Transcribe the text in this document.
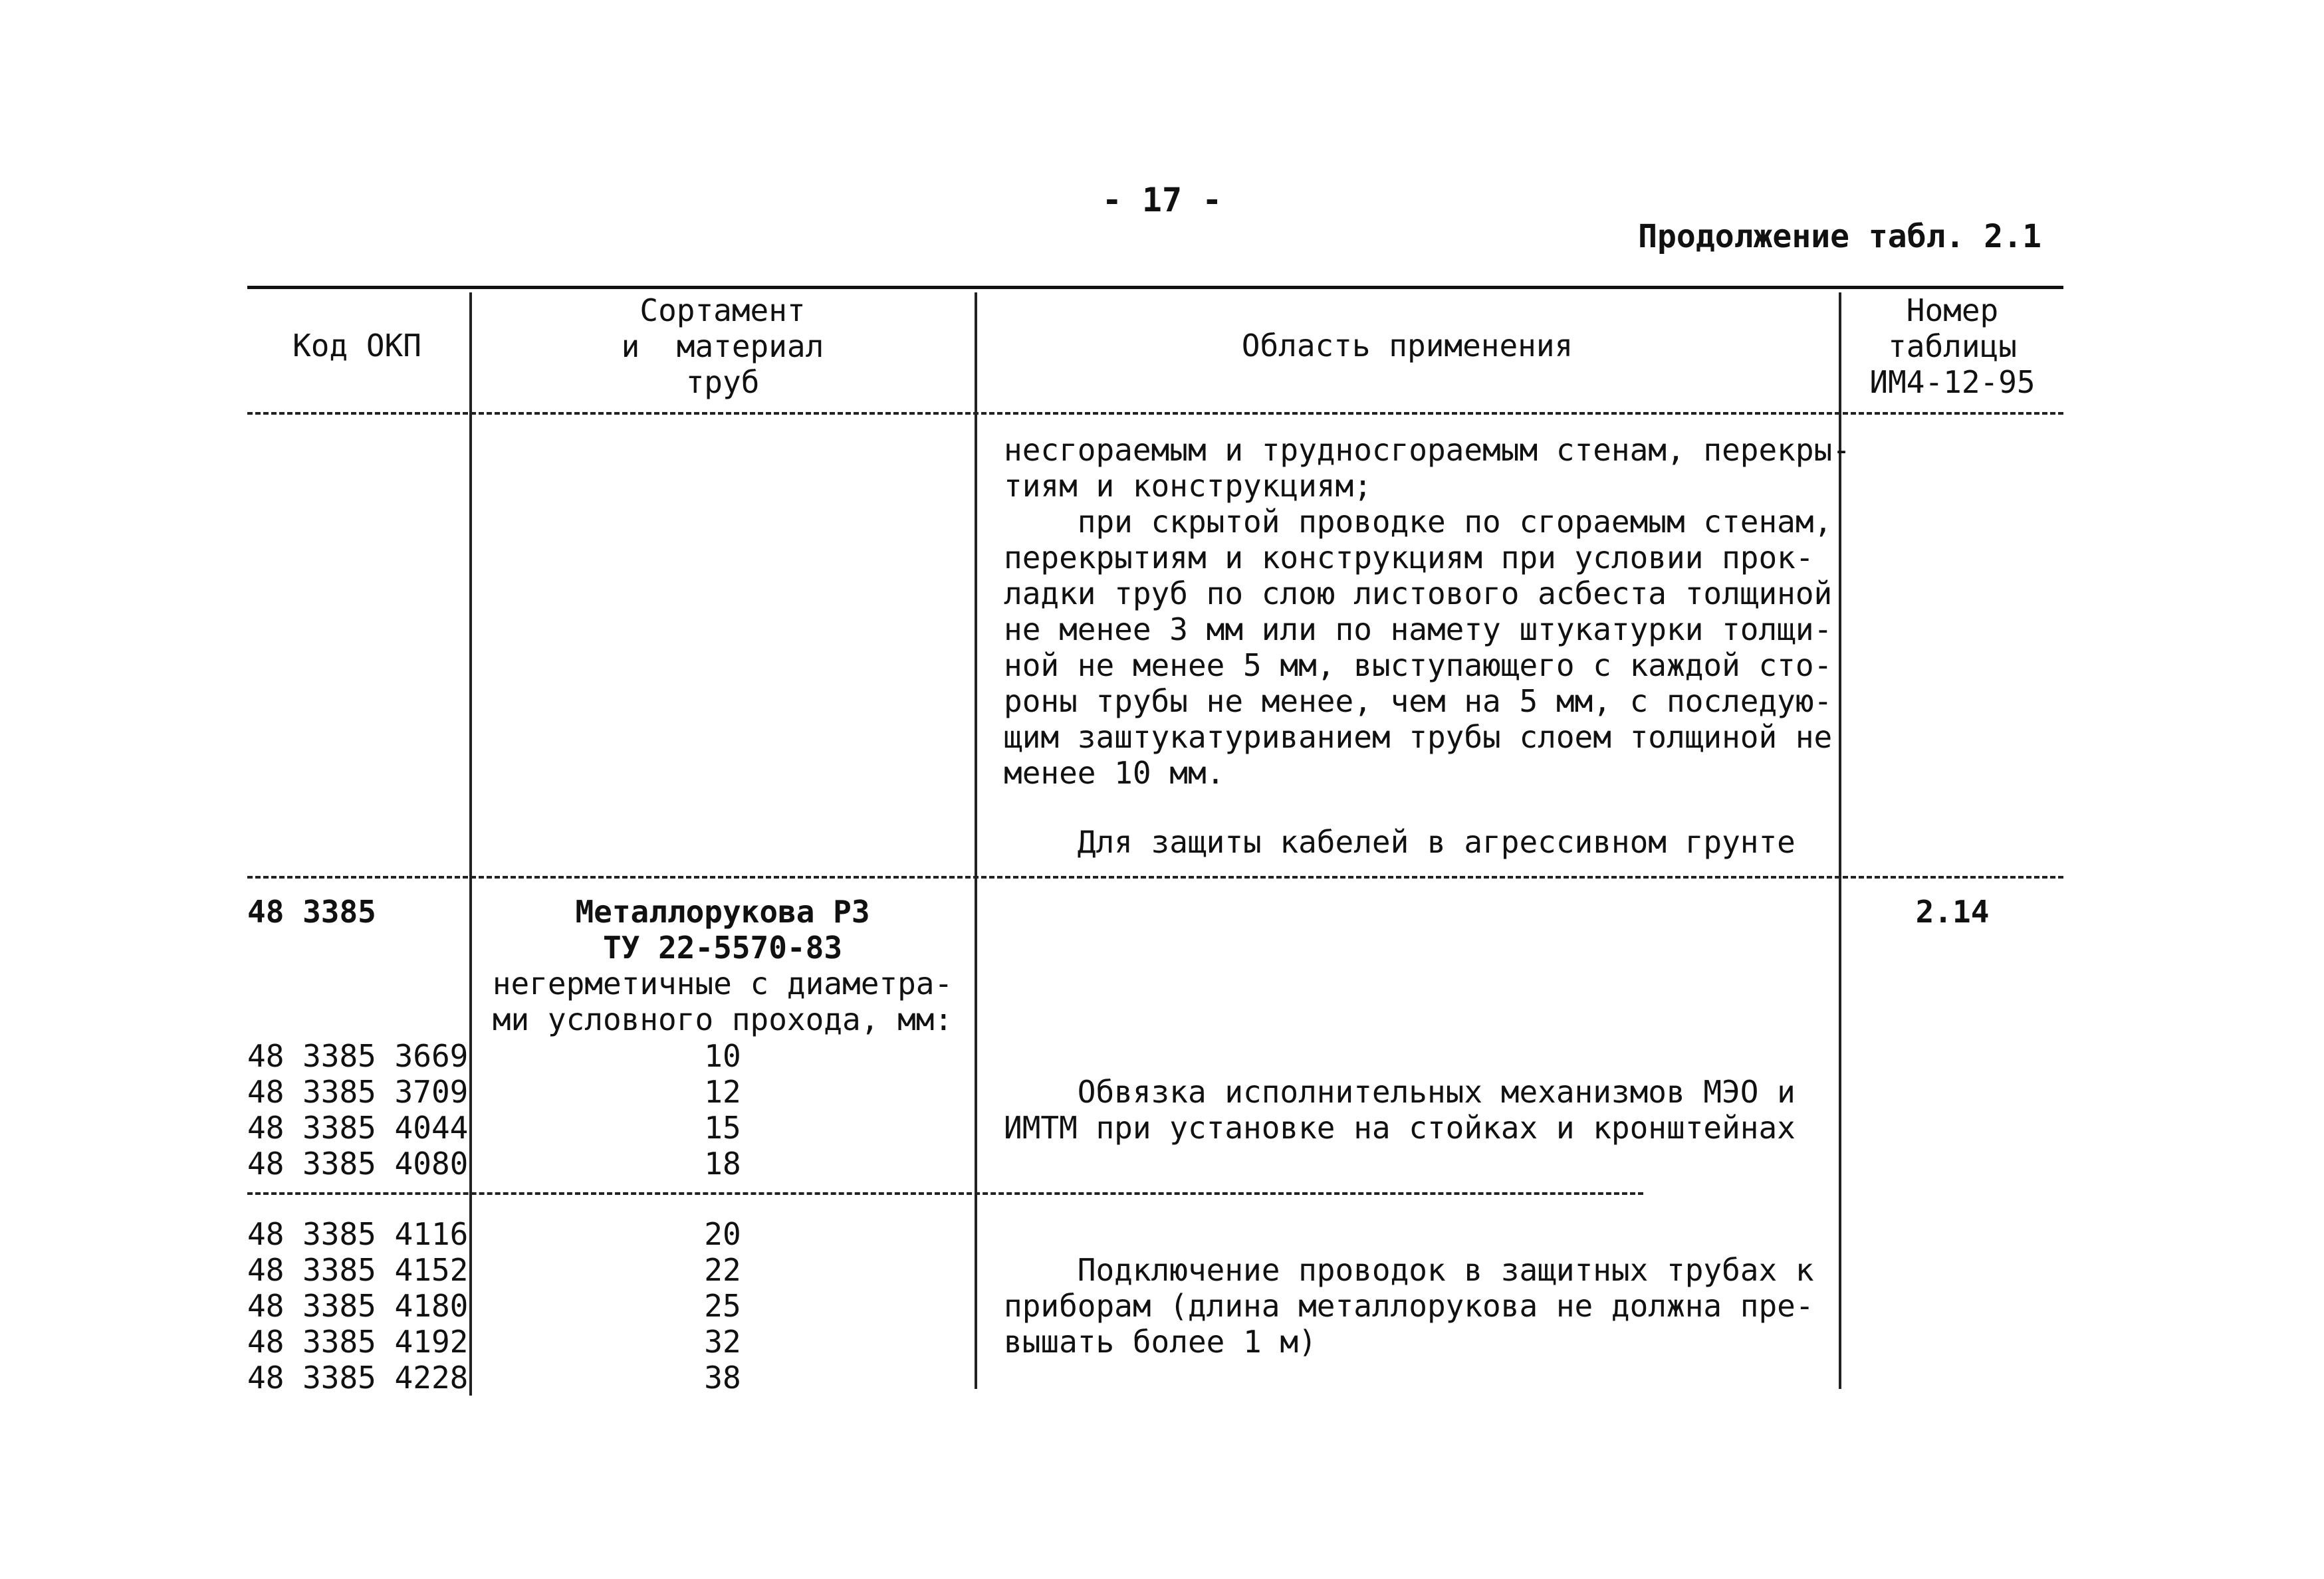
- 17 -
Продолжение табл. 2.1
Код ОКП
Сортамент
и  материал
труб
Область применения
Номер
таблицы
ИМ4-12-95
несгораемым и трудносгораемым стенам, перекры-
тиям и конструкциям;
при скрытой проводке по сгораемым стенам,
перекрытиям и конструкциям при условии прок-
ладки труб по слою листового асбеста толщиной
не менее 3 мм или по намету штукатурки толщи-
ной не менее 5 мм, выступающего с каждой сто-
роны трубы не менее, чем на 5 мм, с последую-
щим заштукатуриванием трубы слоем толщиной не
менее 10 мм.
Для защиты кабелей в агрессивном грунте
48 3385	Металлорукова РЗ
ТУ 22-5570-83
негерметичные с диаметра-
ми условного прохода, мм:
2.14
48 3385 3669
48 3385 3709
48 3385 4044
48 3385 4080
10
12
15
18
Обвязка исполнительных механизмов МЭО и
ИМТМ при установке на стойках и кронштейнах
48 3385 4116
48 3385 4152
48 3385 4180
48 3385 4192
48 3385 4228
20
22
25
32
38
Подключение проводок в защитных трубах к
приборам (длина металлорукова не должна пре-
вышать более 1 м)
